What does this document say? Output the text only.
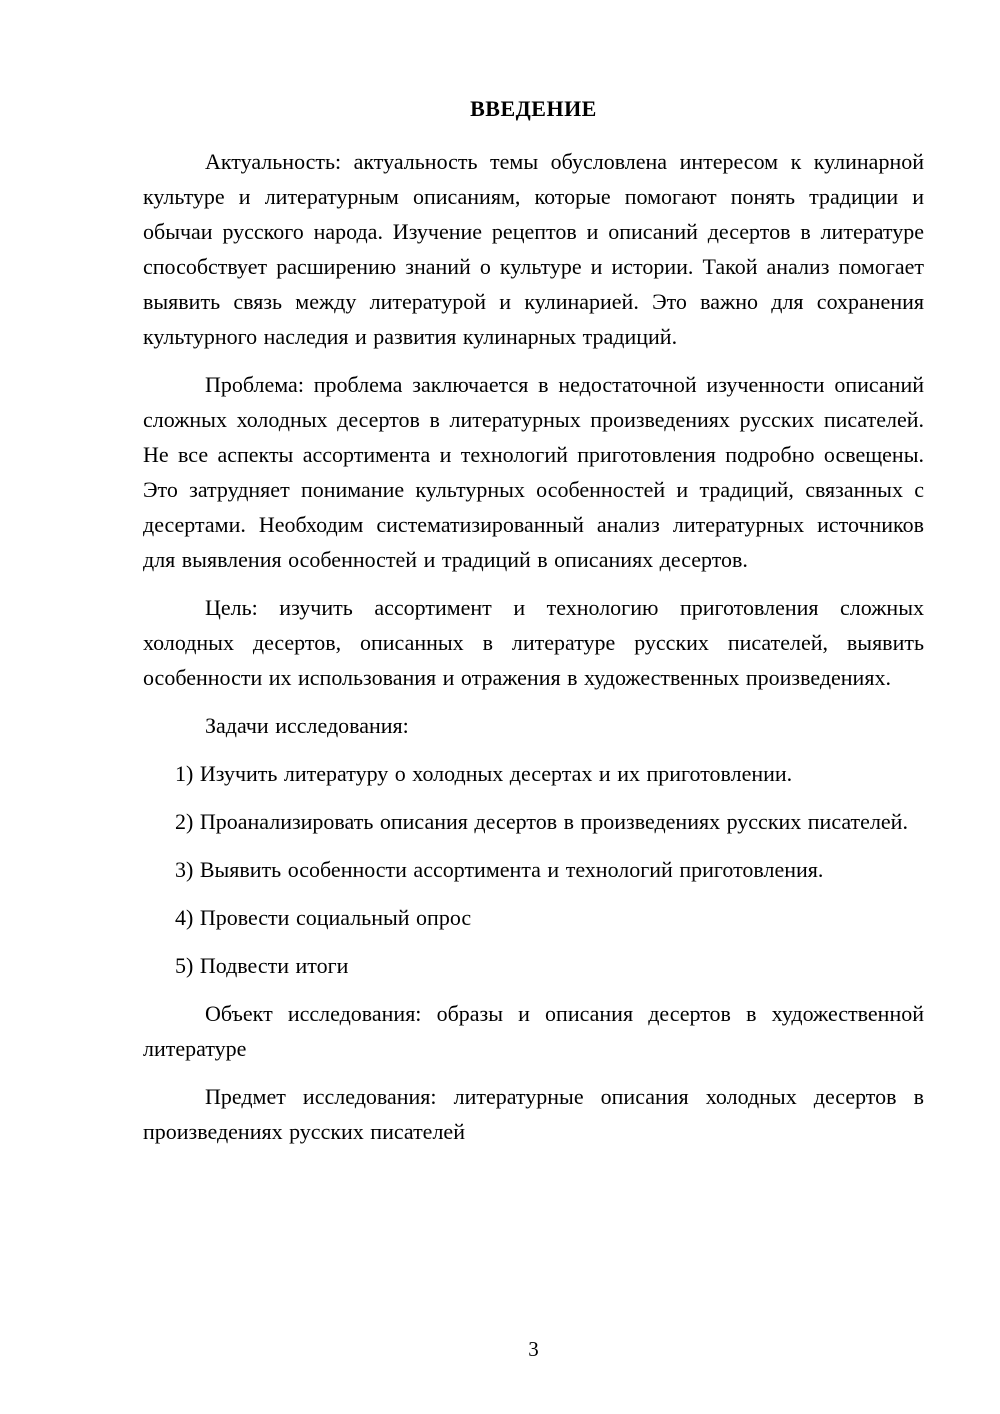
ВВЕДЕНИЕ

Актуальность: актуальность темы обусловлена интересом к кулинарной культуре и литературным описаниям, которые помогают понять традиции и обычаи русского народа. Изучение рецептов и описаний десертов в литературе способствует расширению знаний о культуре и истории. Такой анализ помогает выявить связь между литературой и кулинарией. Это важно для сохранения культурного наследия и развития кулинарных традиций.

Проблема: проблема заключается в недостаточной изученности описаний сложных холодных десертов в литературных произведениях русских писателей. Не все аспекты ассортимента и технологий приготовления подробно освещены. Это затрудняет понимание культурных особенностей и традиций, связанных с десертами. Необходим систематизированный анализ литературных источников для выявления особенностей и традиций в описаниях десертов.

Цель: изучить ассортимент и технологию приготовления сложных холодных десертов, описанных в литературе русских писателей, выявить особенности их использования и отражения в художественных произведениях.

Задачи исследования:

1) Изучить литературу о холодных десертах и их приготовлении.

2) Проанализировать описания десертов в произведениях русских писателей.

3) Выявить особенности ассортимента и технологий приготовления.

4) Провести социальный опрос

5) Подвести итоги

Объект исследования: образы и описания десертов в художественной литературе

Предмет исследования: литературные описания холодных десертов в произведениях русских писателей

3
